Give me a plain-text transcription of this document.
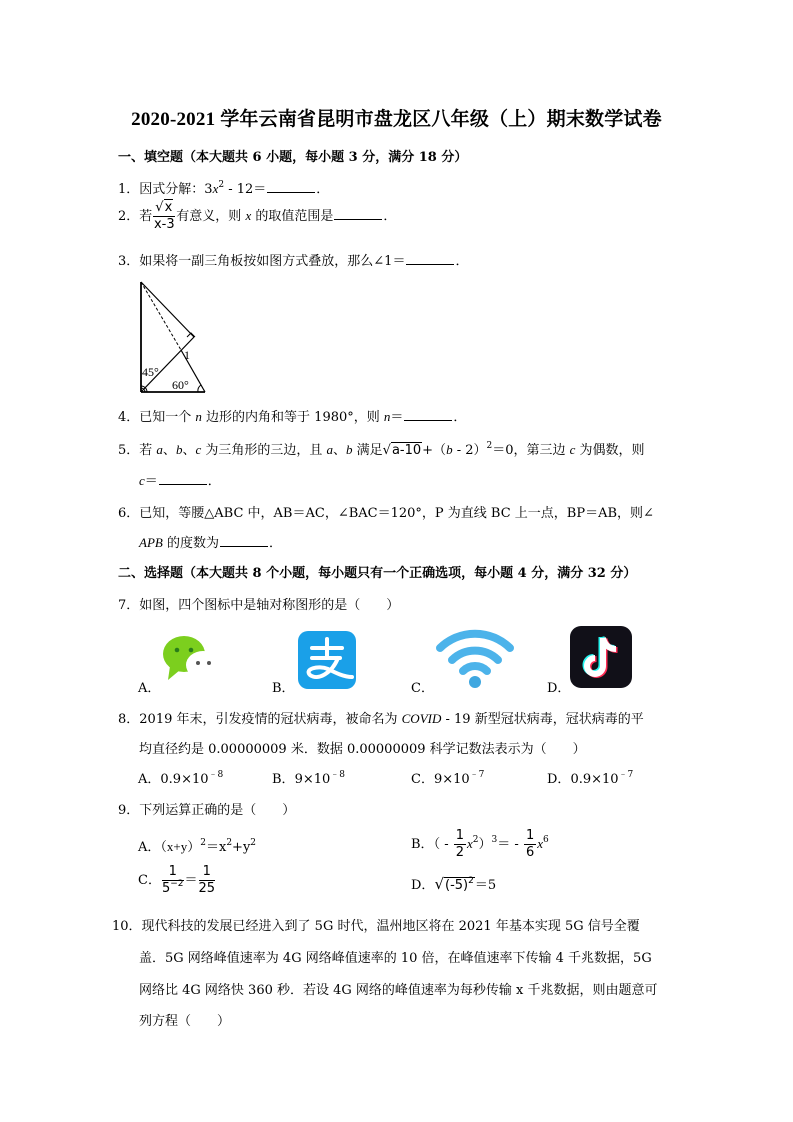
2020-2021 学年云南省昆明市盘龙区八年级（上）期末数学试卷
一、填空题（本大题共 6 小题，每小题 3 分，满分 18 分）
1．因式分解：$3x^2 - 12=$	．
2．若 $\frac{√x}{x-3}$ 有意义，则 x 的取值范围是	．
3．如果将一副三角板按如图方式叠放，那么∠1＝	．
1
45°
60°
4．已知一个 n 边形的内角和等于 1980°，则 n＝	．
5．若 a、b、c 为三角形的三边，且 a、b 满足√a-10+（b - 2）$^2$＝0，第三边 c 为偶数，则
c＝	．
6．已知，等腰△ABC 中，AB＝AC，∠BAC＝120°，P 为直线 BC 上一点，BP＝AB，则∠
APB 的度数为	．
二、选择题（本大题共 8 个小题，每小题只有一个正确选项，每小题 4 分，满分 32 分）
7．如图，四个图标中是轴对称图形的是（　　）
A．	B．	C．	D．
8．2019 年末，引发疫情的冠状病毒，被命名为 COVID - 19 新型冠状病毒，冠状病毒的平
均直径约是 0.00000009 米．数据 0.00000009 科学记数法表示为（　　）
A．$0.9\times 10^{﹣8}$	B．$9\times 10^{﹣8}$	C．$9\times 10^{﹣7}$	D．$0.9\times 10^{﹣7}$
9．下列运算正确的是（　　）
A．$(x+y)^2=x^2+y^2$	B．（ - $\frac{1}{2} x^2)^3= - \frac{1}{6} x^6$
C． $\frac{1}{5^{-2}} = \frac{1}{25}$	D．$√(-5)^2=5$
10．现代科技的发展已经进入到了 5G 时代，温州地区将在 2021 年基本实现 5G 信号全覆
盖．5G 网络峰值速率为 4G 网络峰值速率的 10 倍，在峰值速率下传输 4 千兆数据，5G
网络比 4G 网络快 360 秒．若设 4G 网络的峰值速率为每秒传输 x 千兆数据，则由题意可
列方程（　　）
